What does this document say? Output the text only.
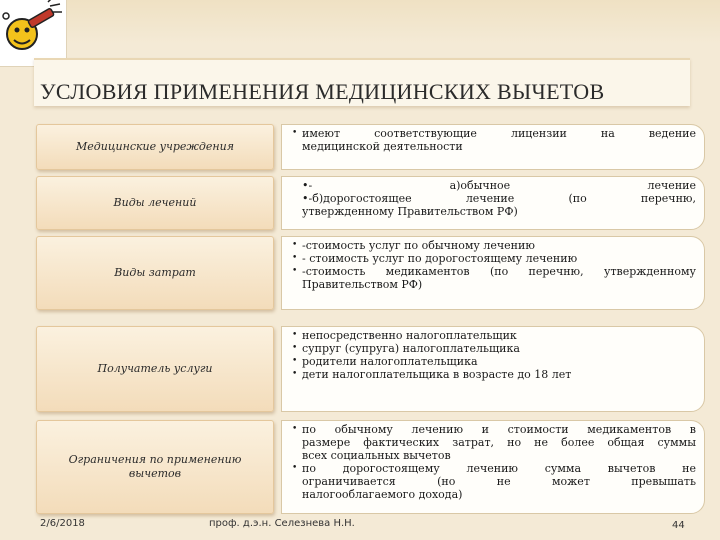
УСЛОВИЯ ПРИМЕНЕНИЯ МЕДИЦИНСКИХ ВЫЧЕТОВ
Медицинские учреждения
• имеют соответствующие лицензии на ведение
медицинской деятельности
Виды лечений
•- а)обычное лечение
•-б)дорогостоящее лечение (по перечню,
утвержденному Правительством РФ)
Виды затрат
• -стоимость услуг по обычному лечению
• - стоимость услуг по дорогостоящему лечению
• -стоимость медикаментов (по перечню, утвержденному
Правительством РФ)
Получатель услуги
• непосредственно налогоплательщик
• супруг (супруга) налогоплательщика
• родители налогоплательщика
• дети налогоплательщика в возрасте до 18 лет
Ограничения по применению вычетов
• по обычному лечению и стоимости медикаментов в
размере фактических затрат, но не более общая суммы
всех социальных вычетов
• по дорогостоящему лечению сумма вычетов не
ограничивается (но не может превышать
налогооблагаемого дохода)
2/6/2018	проф. д.э.н. Селезнева Н.Н.	44
